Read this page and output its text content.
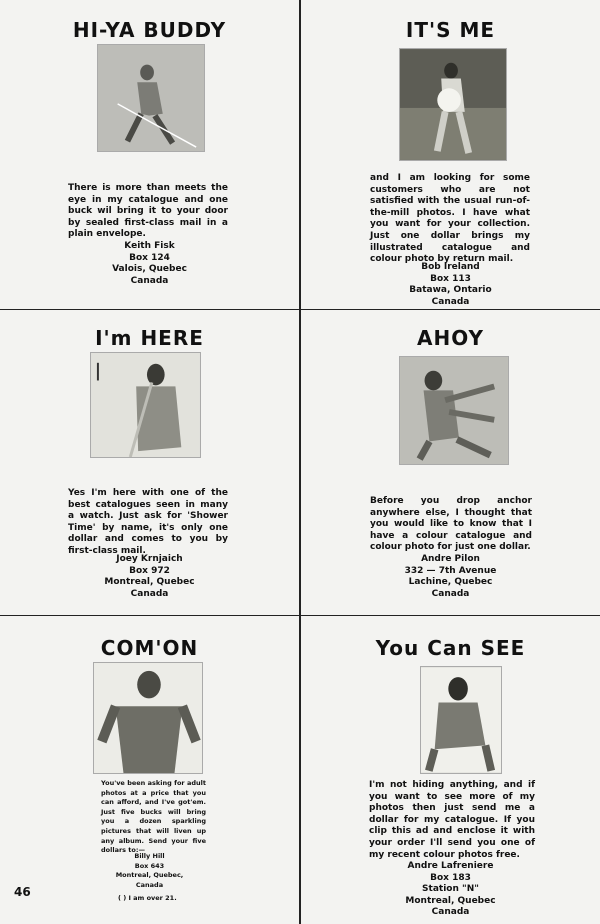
HI-YA BUDDY

There is more than meets the eye in my catalogue and one buck wil bring it to your door by sealed first-class mail in a plain envelope.

Keith Fisk
Box 124
Valois, Quebec
Canada
IT'S ME

and I am looking for some customers who are not satisfied with the usual run-of-the-mill photos. I have what you want for your collection. Just one dollar brings my illustrated catalogue and colour photo by return mail.

Bob Ireland
Box 113
Batawa, Ontario
Canada
I'm HERE

Yes I'm here with one of the best catalogues seen in many a watch. Just ask for 'Shower Time' by name, it's only one dollar and comes to you by first-class mail.

Joey Krnjaich
Box 972
Montreal, Quebec
Canada
AHOY

Before you drop anchor anywhere else, I thought that you would like to know that I have a colour catalogue and colour photo for just one dollar.

Andre Pilon
332 — 7th Avenue
Lachine, Quebec
Canada
COM'ON

You've been asking for adult photos at a price that you can afford, and I've got'em. Just five bucks will bring you a dozen sparkling pictures that will liven up any album. Send your five dollars to:—

Billy Hill
Box 643
Montreal, Quebec,
Canada
( ) I am over 21.
You Can SEE

I'm not hiding anything, and if you want to see more of my photos then just send me a dollar for my catalogue. If you clip this ad and enclose it with your order I'll send you one of my recent colour photos free.

Andre Lafreniere
Box 183
Station "N"
Montreal, Quebec
Canada
46
